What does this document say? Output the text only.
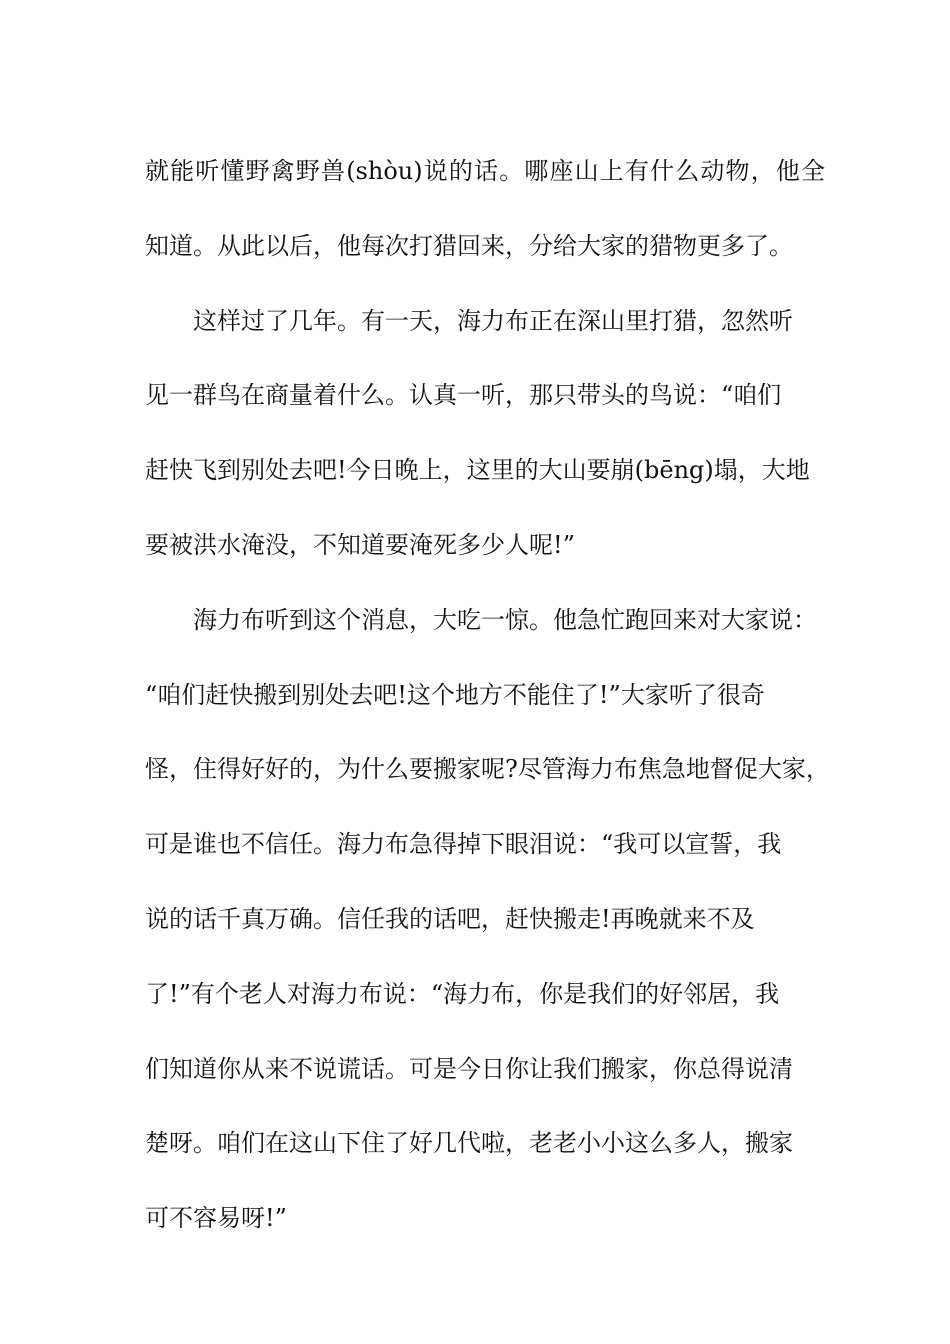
就能听懂野禽野兽(shòu)说的话。哪座山上有什么动物，他全
知道。从此以后，他每次打猎回来，分给大家的猎物更多了。
这样过了几年。有一天，海力布正在深山里打猎，忽然听
见一群鸟在商量着什么。认真一听，那只带头的鸟说：“咱们
赶快飞到别处去吧!今日晚上，这里的大山要崩(bēng)塌，大地
要被洪水淹没，不知道要淹死多少人呢!”
海力布听到这个消息，大吃一惊。他急忙跑回来对大家说：
“咱们赶快搬到别处去吧!这个地方不能住了!”大家听了很奇
怪，住得好好的，为什么要搬家呢?尽管海力布焦急地督促大家，
可是谁也不信任。海力布急得掉下眼泪说：“我可以宣誓，我
说的话千真万确。信任我的话吧，赶快搬走!再晚就来不及
了!”有个老人对海力布说：“海力布，你是我们的好邻居，我
们知道你从来不说谎话。可是今日你让我们搬家，你总得说清
楚呀。咱们在这山下住了好几代啦，老老小小这么多人，搬家
可不容易呀!”
